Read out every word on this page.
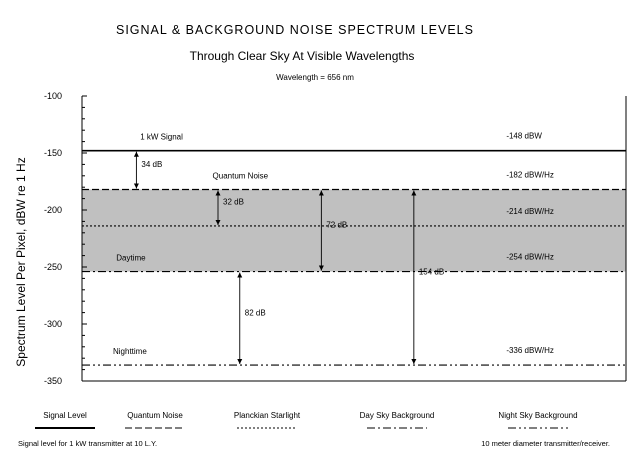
SIGNAL & BACKGROUND NOISE SPECTRUM LEVELS
Through Clear Sky At Visible Wavelengths
Wavelength = 656 nm
-100
-150
-200
-250
-300
-350
-148 dBW
-182 dBW/Hz
-214 dBW/Hz
-254 dBW/Hz
-336 dBW/Hz
1 kW Signal
Quantum Noise
Daytime
Nighttime
34 dB
32 dB
72 dB
82 dB
154 dB
Spectrum Level Per Pixel, dBW re 1 Hz
Signal Level	Quantum Noise	Planckian Starlight	Day Sky Background	Night Sky Background
Signal level for 1 kW transmitter at 10 L.Y.	10 meter diameter transmitter/receiver.
